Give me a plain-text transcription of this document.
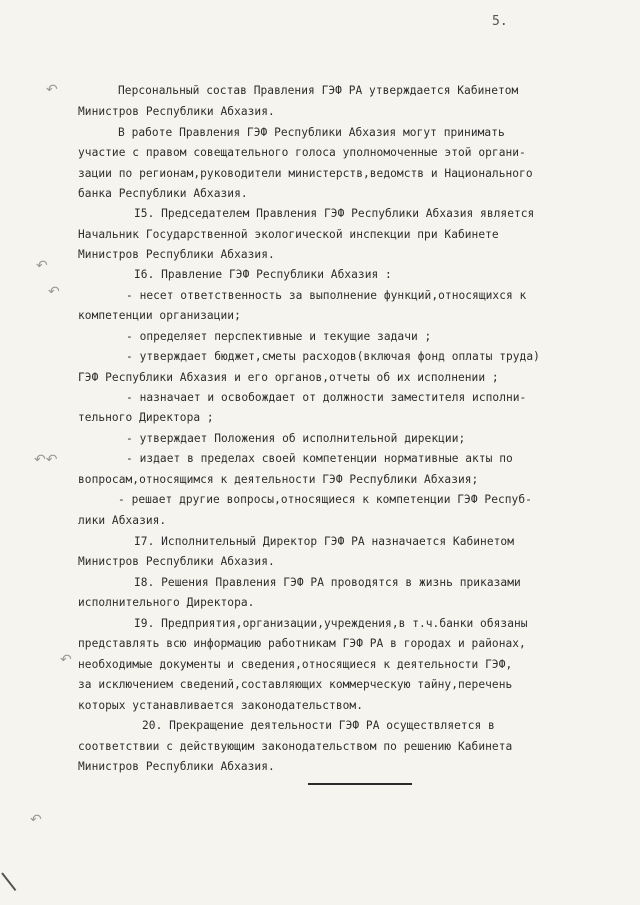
5.
↶
↶
↶
↶↶
↶
↶
Персональный состав Правления ГЭФ РА утверждается Кабинетом
Министров Республики Абхазия.
В работе Правления ГЭФ Республики Абхазия могут принимать
участие с правом совещательного голоса уполномоченные этой органи-
зации по регионам,руководители министерств,ведомств и Национального
банка Республики Абхазия.
I5. Председателем Правления ГЭФ Республики Абхазия является
Начальник Государственной экологической инспекции при Кабинете
Министров Республики Абхазия.
I6. Правление ГЭФ Республики Абхазия :
- несет ответственность за выполнение функций,относящихся к
компетенции организации;
- определяет перспективные и текущие задачи ;
- утверждает бюджет,сметы расходов(включая фонд оплаты труда)
ГЭФ Республики Абхазия и его органов,отчеты об их исполнении ;
- назначает и освобождает от должности заместителя исполни-
тельного Директора ;
- утверждает Положения об исполнительной дирекции;
- издает в пределах своей компетенции нормативные акты по
вопросам,относящимся к деятельности ГЭФ Республики Абхазия;
- решает другие вопросы,относящиеся к компетенции ГЭФ Респуб-
лики Абхазия.
I7. Исполнительный Директор ГЭФ РА назначается Кабинетом
Министров Республики Абхазия.
I8. Решения Правления ГЭФ РА проводятся в жизнь приказами
исполнительного Директора.
I9. Предприятия,организации,учреждения,в т.ч.банки обязаны
представлять всю информацию работникам ГЭФ РА в городах и районах,
необходимые документы и сведения,относящиеся к деятельности ГЭФ,
за исключением сведений,составляющих коммерческую тайну,перечень
которых устанавливается законодательством.
20. Прекращение деятельности ГЭФ РА осуществляется в
соответствии с действующим законодательством по решению Кабинета
Министров Республики Абхазия.
